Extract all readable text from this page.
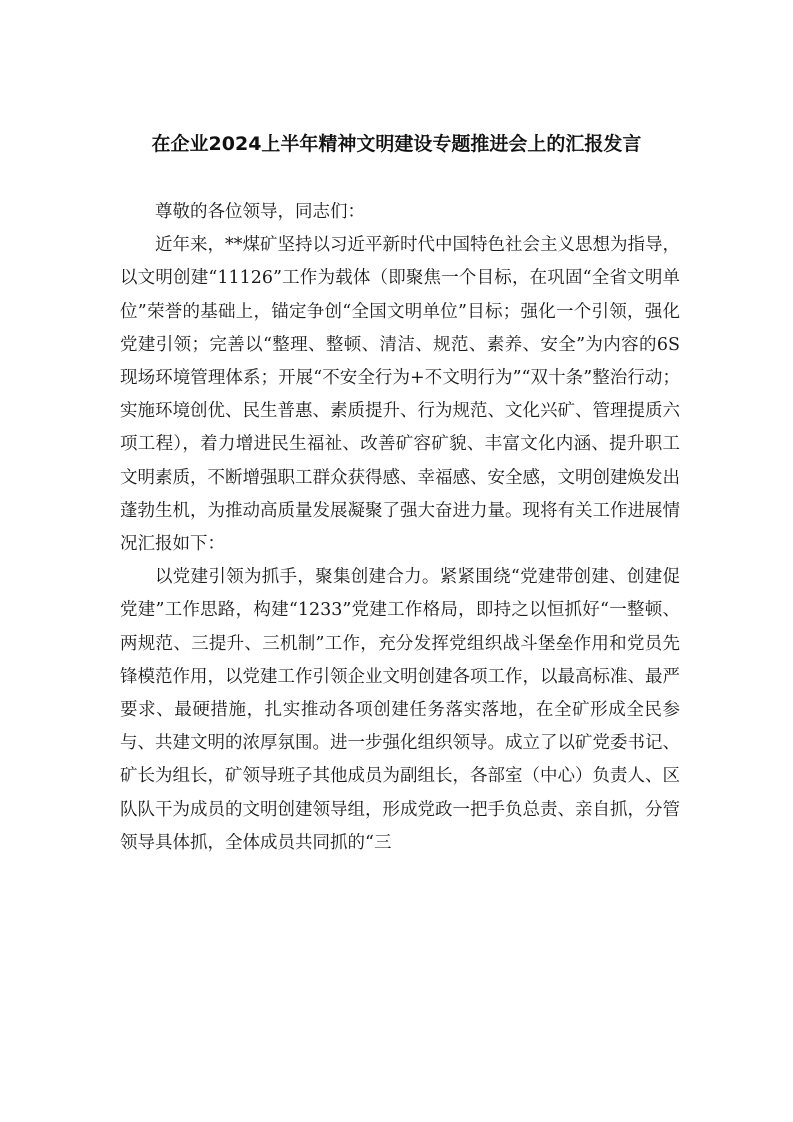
在企业2024上半年精神文明建设专题推进会上的汇报发言

尊敬的各位领导，同志们：

近年来，**煤矿坚持以习近平新时代中国特色社会主义思想为指导，以文明创建“11126”工作为载体（即聚焦一个目标，在巩固“全省文明单位”荣誉的基础上，锚定争创“全国文明单位”目标；强化一个引领，强化党建引领；完善以“整理、整顿、清洁、规范、素养、安全”为内容的6S现场环境管理体系；开展“不安全行为+不文明行为”“双十条”整治行动；实施环境创优、民生普惠、素质提升、行为规范、文化兴矿、管理提质六项工程），着力增进民生福祉、改善矿容矿貌、丰富文化内涵、提升职工文明素质，不断增强职工群众获得感、幸福感、安全感，文明创建焕发出蓬勃生机，为推动高质量发展凝聚了强大奋进力量。现将有关工作进展情况汇报如下：

以党建引领为抓手，聚集创建合力。紧紧围绕“党建带创建、创建促党建”工作思路，构建“1233”党建工作格局，即持之以恒抓好“一整顿、两规范、三提升、三机制”工作，充分发挥党组织战斗堡垒作用和党员先锋模范作用，以党建工作引领企业文明创建各项工作，以最高标准、最严要求、最硬措施，扎实推动各项创建任务落实落地，在全矿形成全民参与、共建文明的浓厚氛围。进一步强化组织领导。成立了以矿党委书记、矿长为组长，矿领导班子其他成员为副组长，各部室（中心）负责人、区队队干为成员的文明创建领导组，形成党政一把手负总责、亲自抓，分管领导具体抓，全体成员共同抓的“三
